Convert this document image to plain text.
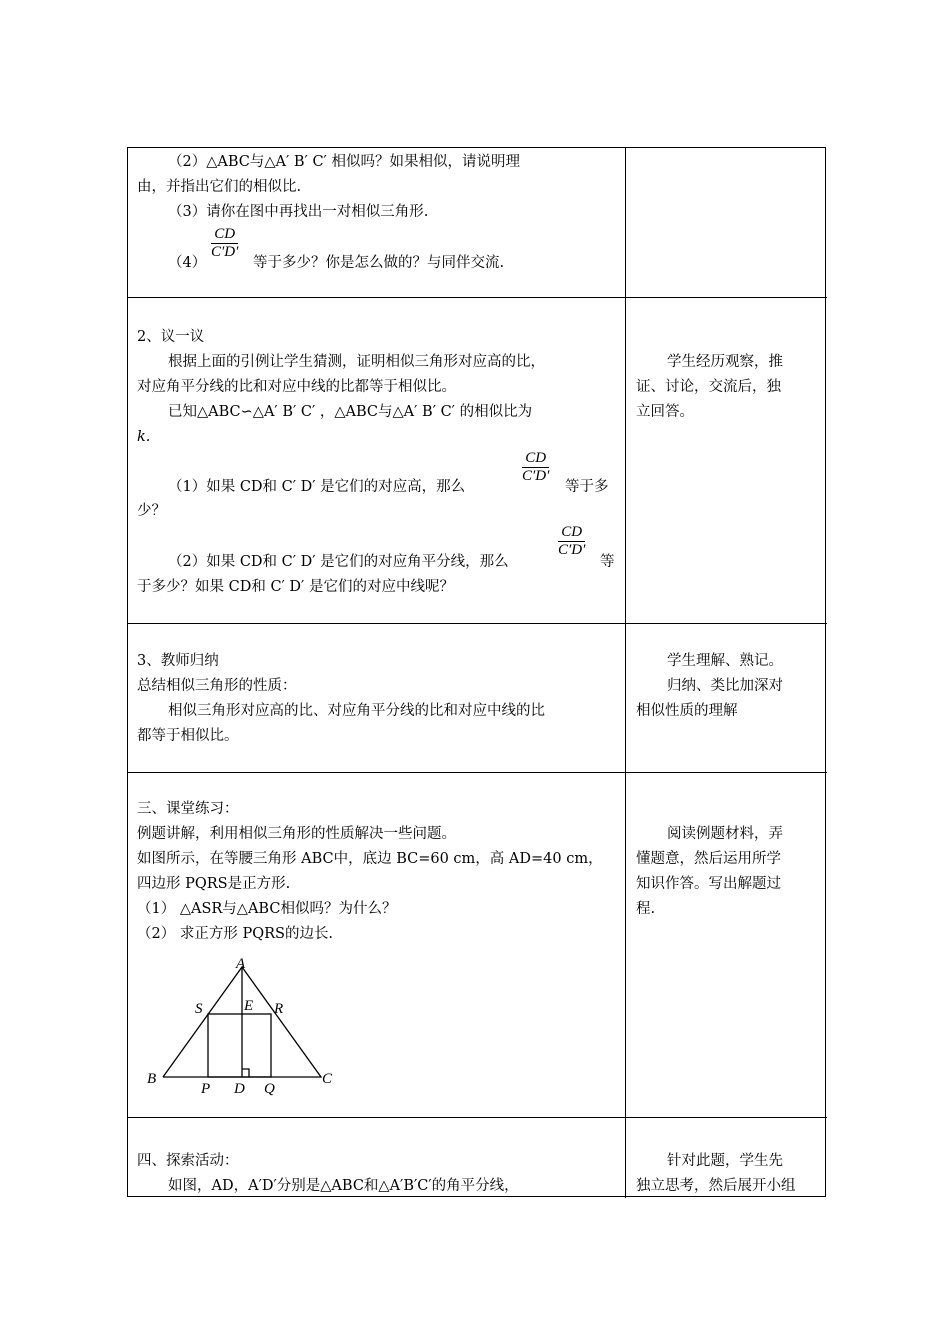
（2）△ABC与△A′ B′ C′ 相似吗？如果相似，请说明理
由，并指出它们的相似比.
（3）请你在图中再找出一对相似三角形.
（4）
$\frac{CD}{C'D'}$
等于多少？你是怎么做的？与同伴交流.
2、议一议
根据上面的引例让学生猜测，证明相似三角形对应高的比，
对应角平分线的比和对应中线的比都等于相似比。
已知△ABC∽△A′ B′ C′ ，△ABC与△A′ B′ C′ 的相似比为
k.
（1）如果 CD和 C′ D′ 是它们的对应高，那么
$\frac{CD}{C'D'}$
等于多
少？
（2）如果 CD和 C′ D′ 是它们的对应角平分线，那么
$\frac{CD}{C'D'}$
等
于多少？如果 CD和 C′ D′ 是它们的对应中线呢？
学生经历观察，推
证、讨论，交流后，独
立回答。
3、教师归纳
总结相似三角形的性质：
相似三角形对应高的比、对应角平分线的比和对应中线的比
都等于相似比。
学生理解、熟记。
归纳、类比加深对
相似性质的理解
三、课堂练习：
例题讲解，利用相似三角形的性质解决一些问题。
如图所示，在等腰三角形 ABC中，底边 BC=60 cm，高 AD=40 cm，
四边形 PQRS是正方形.
（1） △ASR与△ABC相似吗？为什么？
（2） 求正方形 PQRS的边长.
阅读例题材料，弄
懂题意，然后运用所学
知识作答。写出解题过
程.
A
B	C
D
E
P	Q
R
S
四、探索活动：
如图，AD，A′D′分别是△ABC和△A′B′C′的角平分线，
针对此题，学生先
独立思考，然后展开小组
